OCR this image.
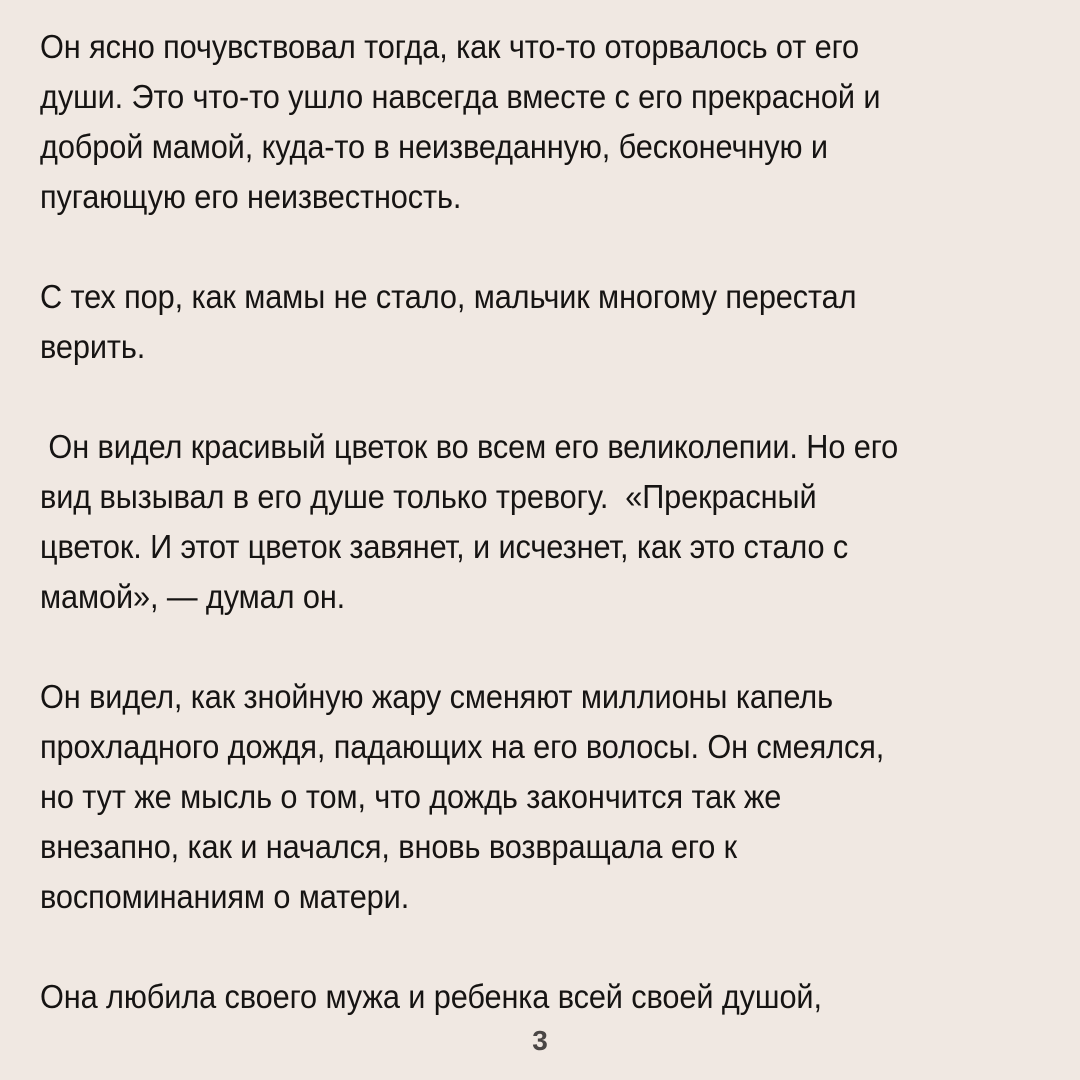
Он ясно почувствовал тогда, как что-то оторвалось от его

души. Это что-то ушло навсегда вместе с его прекрасной и

доброй мамой, куда-то в неизведанную, бесконечную и

пугающую его неизвестность.

С тех пор, как мамы не стало, мальчик многому перестал

верить.

Он видел красивый цветок во всем его великолепии. Но его

вид вызывал в его душе только тревогу.  «Прекрасный

цветок. И этот цветок завянет, и исчезнет, как это стало с

мамой», — думал он.

Он видел, как знойную жару сменяют миллионы капель

прохладного дождя, падающих на его волосы. Он смеялся,

но тут же мысль о том, что дождь закончится так же

внезапно, как и начался, вновь возвращала его к

воспоминаниям о матери.

Она любила своего мужа и ребенка всей своей душой,

3
